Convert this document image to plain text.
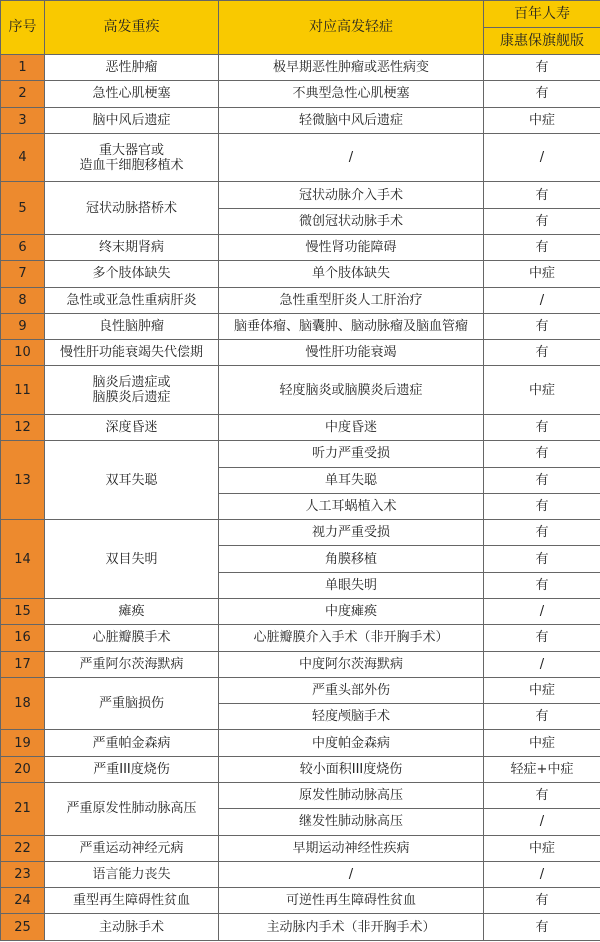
序号	高发重疾	对应高发轻症	百年人寿
			康惠保旗舰版
1	恶性肿瘤	极早期恶性肿瘤或恶性病变	有
2	急性心肌梗塞	不典型急性心肌梗塞	有
3	脑中风后遗症	轻微脑中风后遗症	中症
4	重大器官或
造血干细胞移植术	/	/
5	冠状动脉搭桥术	冠状动脉介入手术	有
		微创冠状动脉手术	有
6	终末期肾病	慢性肾功能障碍	有
7	多个肢体缺失	单个肢体缺失	中症
8	急性或亚急性重病肝炎	急性重型肝炎人工肝治疗	/
9	良性脑肿瘤	脑垂体瘤、脑囊肿、脑动脉瘤及脑血管瘤	有
10	慢性肝功能衰竭失代偿期	慢性肝功能衰竭	有
11	脑炎后遗症或
脑膜炎后遗症	轻度脑炎或脑膜炎后遗症	中症
12	深度昏迷	中度昏迷	有
13	双耳失聪	听力严重受损	有
		单耳失聪	有
		人工耳蜗植入术	有
14	双目失明	视力严重受损	有
		角膜移植	有
		单眼失明	有
15	瘫痪	中度瘫痪	/
16	心脏瓣膜手术	心脏瓣膜介入手术（非开胸手术）	有
17	严重阿尔茨海默病	中度阿尔茨海默病	/
18	严重脑损伤	严重头部外伤	中症
		轻度颅脑手术	有
19	严重帕金森病	中度帕金森病	中症
20	严重III度烧伤	较小面积III度烧伤	轻症+中症
21	严重原发性肺动脉高压	原发性肺动脉高压	有
		继发性肺动脉高压	/
22	严重运动神经元病	早期运动神经性疾病	中症
23	语言能力丧失	/	/
24	重型再生障碍性贫血	可逆性再生障碍性贫血	有
25	主动脉手术	主动脉内手术（非开胸手术）	有
